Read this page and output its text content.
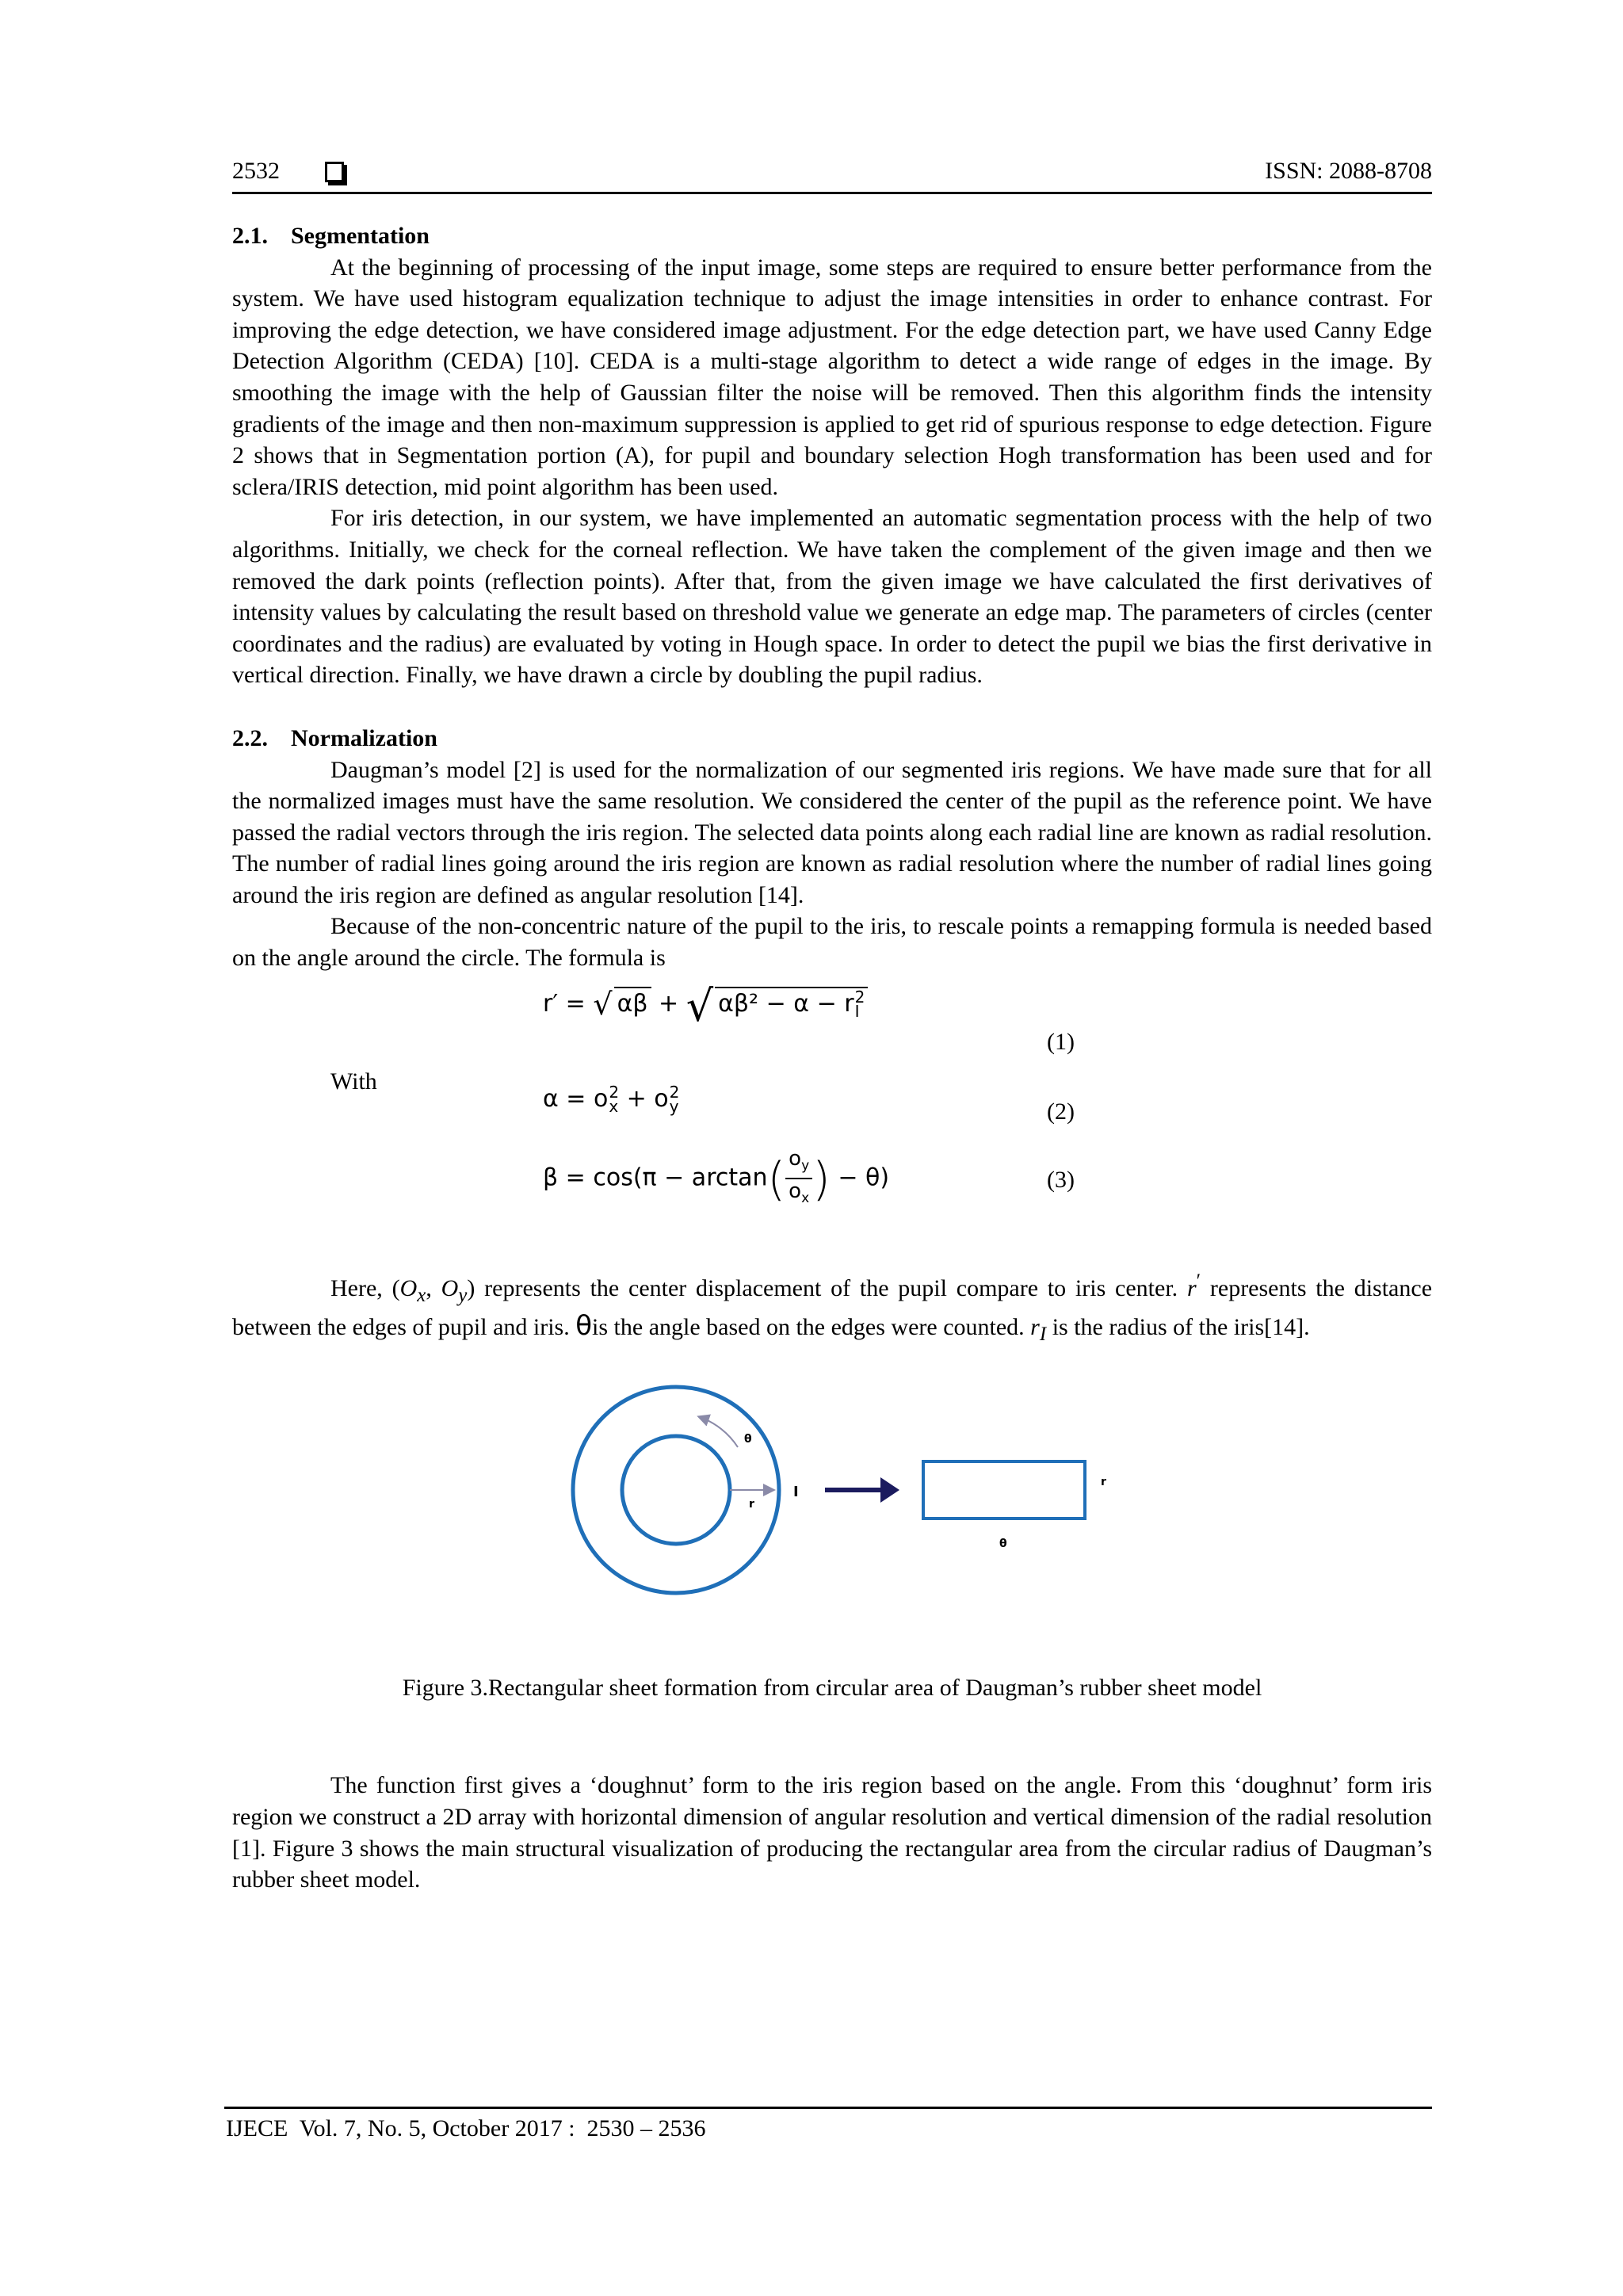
2532	ISSN: 2088-8708
2.1. Segmentation

At the beginning of processing of the input image, some steps are required to ensure better performance from the system. We have used histogram equalization technique to adjust the image intensities in order to enhance contrast. For improving the edge detection, we have considered image adjustment. For the edge detection part, we have used Canny Edge Detection Algorithm (CEDA) [10]. CEDA is a multi-stage algorithm to detect a wide range of edges in the image. By smoothing the image with the help of Gaussian filter the noise will be removed. Then this algorithm finds the intensity gradients of the image and then non-maximum suppression is applied to get rid of spurious response to edge detection. Figure 2 shows that in Segmentation portion (A), for pupil and boundary selection Hogh transformation has been used and for sclera/IRIS detection, mid point algorithm has been used.

For iris detection, in our system, we have implemented an automatic segmentation process with the help of two algorithms. Initially, we check for the corneal reflection. We have taken the complement of the given image and then we removed the dark points (reflection points). After that, from the given image we have calculated the first derivatives of intensity values by calculating the result based on threshold value we generate an edge map. The parameters of circles (center coordinates and the radius) are evaluated by voting in Hough space. In order to detect the pupil we bias the first derivative in vertical direction. Finally, we have drawn a circle by doubling the pupil radius.

2.2. Normalization

Daugman’s model [2] is used for the normalization of our segmented iris regions. We have made sure that for all the normalized images must have the same resolution. We considered the center of the pupil as the reference point. We have passed the radial vectors through the iris region. The selected data points along each radial line are known as radial resolution. The number of radial lines going around the iris region are known as radial resolution where the number of radial lines going around the iris region are defined as angular resolution [14].

Because of the non-concentric nature of the pupil to the iris, to rescale points a remapping formula is needed based on the angle around the circle. The formula is

With
r′ = √ αβ + √ αβ² − α − r 2
I
(1)
α = o 2
x + o 2
y	(2)
$\beta = \cos(\pi - \arctan( \frac{o_y}{o_x}$ ) − θ)	(3)

Here, ($O_x$, $O_y$) represents the center displacement of the pupil compare to iris center. r′ represents the distance between the edges of pupil and iris. θis the angle based on the edges were counted. $r_I$ is the radius of the iris[14].

θ
r
I
r
θ

Figure 3.Rectangular sheet formation from circular area of Daugman’s rubber sheet model

The function first gives a ‘doughnut’ form to the iris region based on the angle. From this ‘doughnut’ form iris region we construct a 2D array with horizontal dimension of angular resolution and vertical dimension of the radial resolution [1]. Figure 3 shows the main structural visualization of producing the rectangular area from the circular radius of Daugman’s rubber sheet model.

IJECE  Vol. 7, No. 5, October 2017 :  2530 – 2536
